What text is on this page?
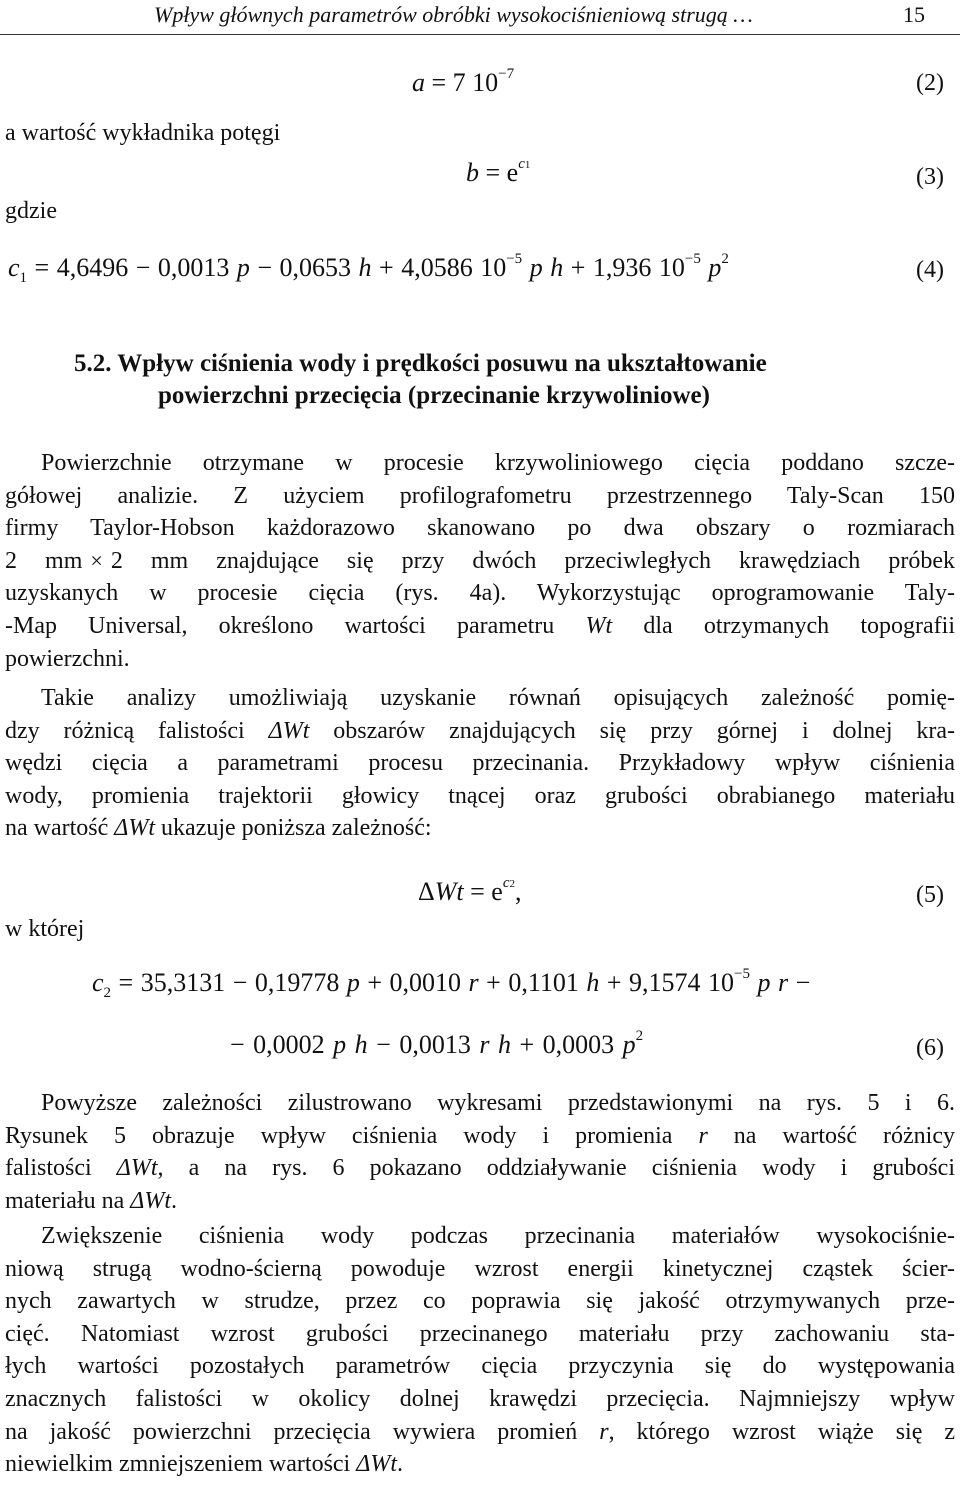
Wpływ głównych parametrów obróbki wysokociśnieniową strugą …	15
a = 7 $10^{-7}$	(2)
a wartość wykładnika potęgi
$b = e^{c1}$	(3)
gdzie
$c_1 = 4,6496 - 0,0013$ p − 0,0653 h + 4,0586 $10^{-5}$ p h + 1,936 $10^{-5}$ $p^2$	(4)
5.2. Wpływ ciśnienia wody i prędkości posuwu na ukształtowanie
powierzchni przecięcia (przecinanie krzywoliniowe)
Powierzchnie otrzymane w procesie krzywoliniowego cięcia poddano szcze-
gółowej analizie. Z użyciem profilografometru przestrzennego Taly-Scan 150
firmy Taylor-Hobson każdorazowo skanowano po dwa obszary o rozmiarach
2 mm × 2 mm znajdujące się przy dwóch przeciwległych krawędziach próbek
uzyskanych w procesie cięcia (rys. 4a). Wykorzystując oprogramowanie Taly-
-Map Universal, określono wartości parametru Wt dla otrzymanych topografii
powierzchni.
Takie analizy umożliwiają uzyskanie równań opisujących zależność pomię-
dzy różnicą falistości ΔWt obszarów znajdujących się przy górnej i dolnej kra-
wędzi cięcia a parametrami procesu przecinania. Przykładowy wpływ ciśnienia
wody, promienia trajektorii głowicy tnącej oraz grubości obrabianego materiału
na wartość ΔWt ukazuje poniższa zależność:
$\Delta Wt = e^{c2}$,	(5)
w której
$c_2 = 35,3131 - 0,19778$ p + 0,0010 r + 0,1101 h + 9,1574 $10^{-5}$ p r −
− 0,0002 p h − 0,0013 r h + 0,0003 $p^2$	(6)
Powyższe zależności zilustrowano wykresami przedstawionymi na rys. 5 i 6.
Rysunek 5 obrazuje wpływ ciśnienia wody i promienia r na wartość różnicy
falistości ΔWt, a na rys. 6 pokazano oddziaływanie ciśnienia wody i grubości
materiału na ΔWt.
Zwiększenie ciśnienia wody podczas przecinania materiałów wysokociśnie-
niową strugą wodno-ścierną powoduje wzrost energii kinetycznej cząstek ścier-
nych zawartych w strudze, przez co poprawia się jakość otrzymywanych prze-
cięć. Natomiast wzrost grubości przecinanego materiału przy zachowaniu sta-
łych wartości pozostałych parametrów cięcia przyczynia się do występowania
znacznych falistości w okolicy dolnej krawędzi przecięcia. Najmniejszy wpływ
na jakość powierzchni przecięcia wywiera promień r, którego wzrost wiąże się z
niewielkim zmniejszeniem wartości ΔWt.
